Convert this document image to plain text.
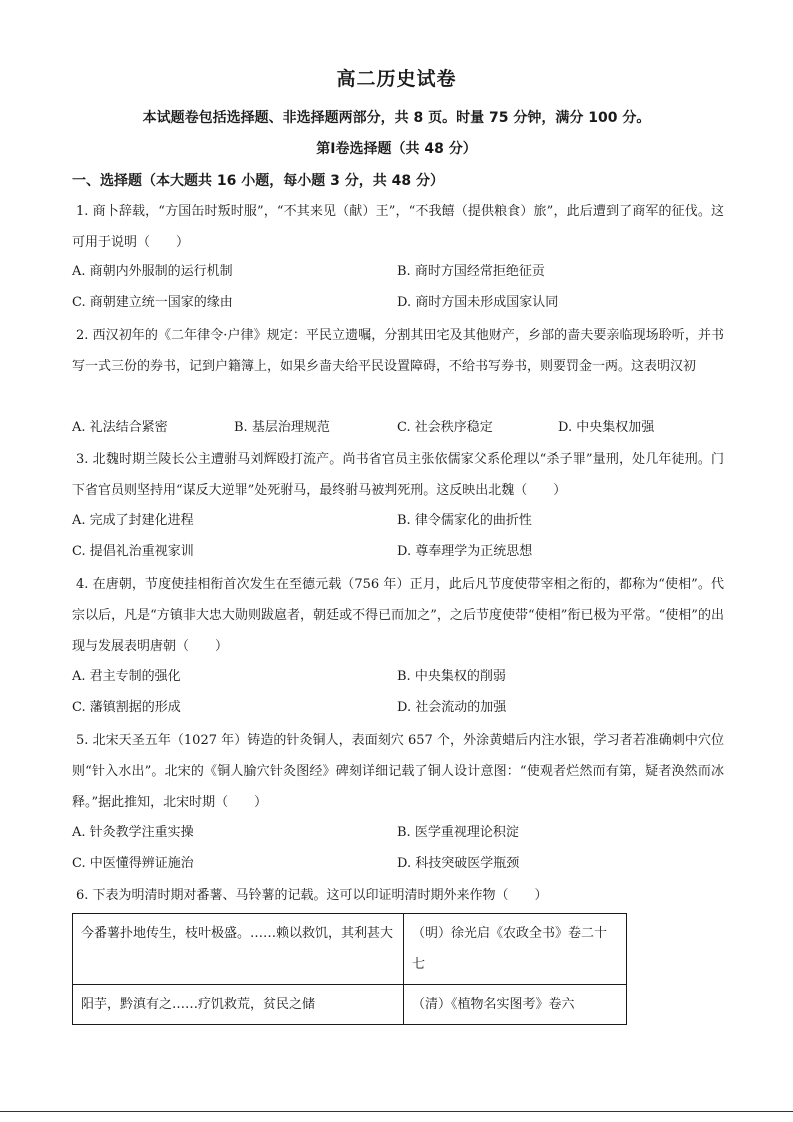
高二历史试卷
本试题卷包括选择题、非选择题两部分，共 8 页。时量 75 分钟，满分 100 分。
第Ⅰ卷选择题（共 48 分）
一、选择题（本大题共 16 小题，每小题 3 分，共 48 分）
1. 商卜辞载，“方国缶时叛时服”，“不其来见（献）王”，“不我饎（提供粮食）旅”，此后遭到了商军的征伐。这可用于说明（　　）
A. 商朝内外服制的运行机制	B. 商时方国经常拒绝征贡
C. 商朝建立统一国家的缘由	D. 商时方国未形成国家认同
2. 西汉初年的《二年律令·户律》规定：平民立遗嘱，分割其田宅及其他财产，乡部的啬夫要亲临现场聆听，并书写一式三份的券书，记到户籍簿上，如果乡啬夫给平民设置障碍，不给书写券书，则要罚金一两。这表明汉初
A. 礼法结合紧密	B. 基层治理规范	C. 社会秩序稳定	D. 中央集权加强
3. 北魏时期兰陵长公主遭驸马刘辉殴打流产。尚书省官员主张依儒家父系伦理以“杀子罪”量刑，处几年徒刑。门下省官员则坚持用“谋反大逆罪”处死驸马，最终驸马被判死刑。这反映出北魏（　　）
A. 完成了封建化进程	B. 律令儒家化的曲折性
C. 提倡礼治重视家训	D. 尊奉理学为正统思想
4. 在唐朝，节度使挂相衔首次发生在至德元载（756 年）正月，此后凡节度使带宰相之衔的，都称为“使相”。代宗以后，凡是“方镇非大忠大勋则跋扈者，朝廷或不得已而加之”，之后节度使带“使相”衔已极为平常。“使相”的出现与发展表明唐朝（　　）
A. 君主专制的强化	B. 中央集权的削弱
C. 藩镇割据的形成	D. 社会流动的加强
5. 北宋天圣五年（1027 年）铸造的针灸铜人，表面刻穴 657 个，外涂黄蜡后内注水银，学习者若准确刺中穴位则“针入水出”。北宋的《铜人腧穴针灸图经》碑刻详细记载了铜人设计意图：“使观者烂然而有第，疑者涣然而冰释。”据此推知，北宋时期（　　）
A. 针灸教学注重实操	B. 医学重视理论积淀
C. 中医懂得辨证施治	D. 科技突破医学瓶颈
6. 下表为明清时期对番薯、马铃薯的记载。这可以印证明清时期外来作物（　　）
今番薯扑地传生，枝叶极盛。……赖以救饥，其利甚大	（明）徐光启《农政全书》卷二十七
阳芋，黔滇有之……疗饥救荒，贫民之储	（清）《植物名实图考》卷六
